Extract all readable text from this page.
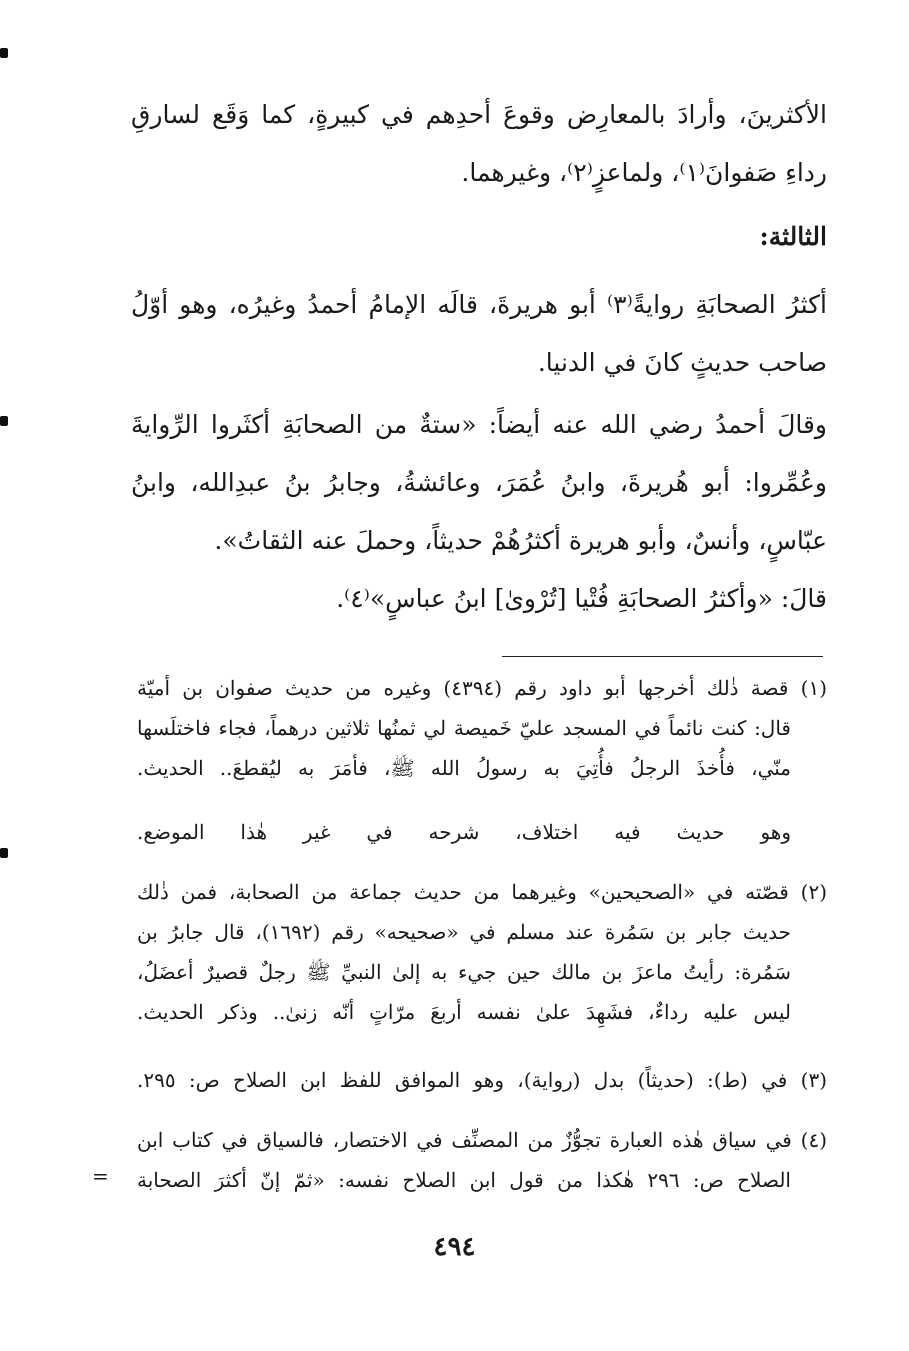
الأكثرينَ، وأرادَ بالمعارِض وقوعَ أحدِهم في كبيرةٍ، كما وَقَع لسارقِ
رداءِ صَفوانَ⁽١⁾، ولماعزٍ⁽٢⁾، وغيرهما.
الثالثة:
أكثرُ الصحابَةِ روايةً⁽٣⁾ أبو هريرةَ، قالَه الإمامُ أحمدُ وغيرُه، وهو أوّلُ
صاحب حديثٍ كانَ في الدنيا.
وقالَ أحمدُ رضي الله عنه أيضاً: «ستةٌ من الصحابَةِ أكثَروا الرِّوايةَ
وعُمِّروا: أبو هُريرةَ، وابنُ عُمَرَ، وعائشةُ، وجابرُ بنُ عبدِالله، وابنُ
عبّاسٍ، وأنسٌ، وأبو هريرة أكثرُهُمْ حديثاً، وحملَ عنه الثقاتُ».
قالَ: «وأكثرُ الصحابَةِ فُتْيا [تُرْوىٰ] ابنُ عباسٍ»⁽٤⁾.
(١) قصة ذٰلك أخرجها أبو داود رقم (٤٣٩٤) وغيره من حديث صفوان بن أميّة
قال: كنت نائماً في المسجد عليّ خَميصة لي ثمنُها ثلاثين درهماً، فجاء فاختلَسها
منّي، فأُخذَ الرجلُ فأُتِيَ به رسولُ الله ﷺ، فأمَرَ به ليُقطعَ.. الحديث.
وهو حديث فيه اختلاف، شرحه في غير هٰذا الموضع.
(٢) قصّته في «الصحيحين» وغيرهما من حديث جماعة من الصحابة، فمن ذٰلك
حديث جابر بن سَمُرة عند مسلم في «صحيحه» رقم (١٦٩٢)، قال جابرُ بن
سَمُرة: رأيتُ ماعزَ بن مالك حين جيء به إلىٰ النبيِّ ﷺ رجلٌ قصيرٌ أعضَلُ،
ليس عليه رداءٌ، فشَهِدَ علىٰ نفسه أربعَ مرّاتٍ أنّه زنىٰ.. وذكر الحديث.
(٣) في (ط): (حديثاً) بدل (رواية)، وهو الموافق للفظ ابن الصلاح ص: ٢٩٥.
(٤) في سياق هٰذه العبارة تجوُّزٌ من المصنِّف في الاختصار، فالسياق في كتاب ابن
الصلاح ص: ٢٩٦ هٰكذا من قول ابن الصلاح نفسه: «ثمّ إنّ أكثرَ الصحابة
=
٤٩٤
